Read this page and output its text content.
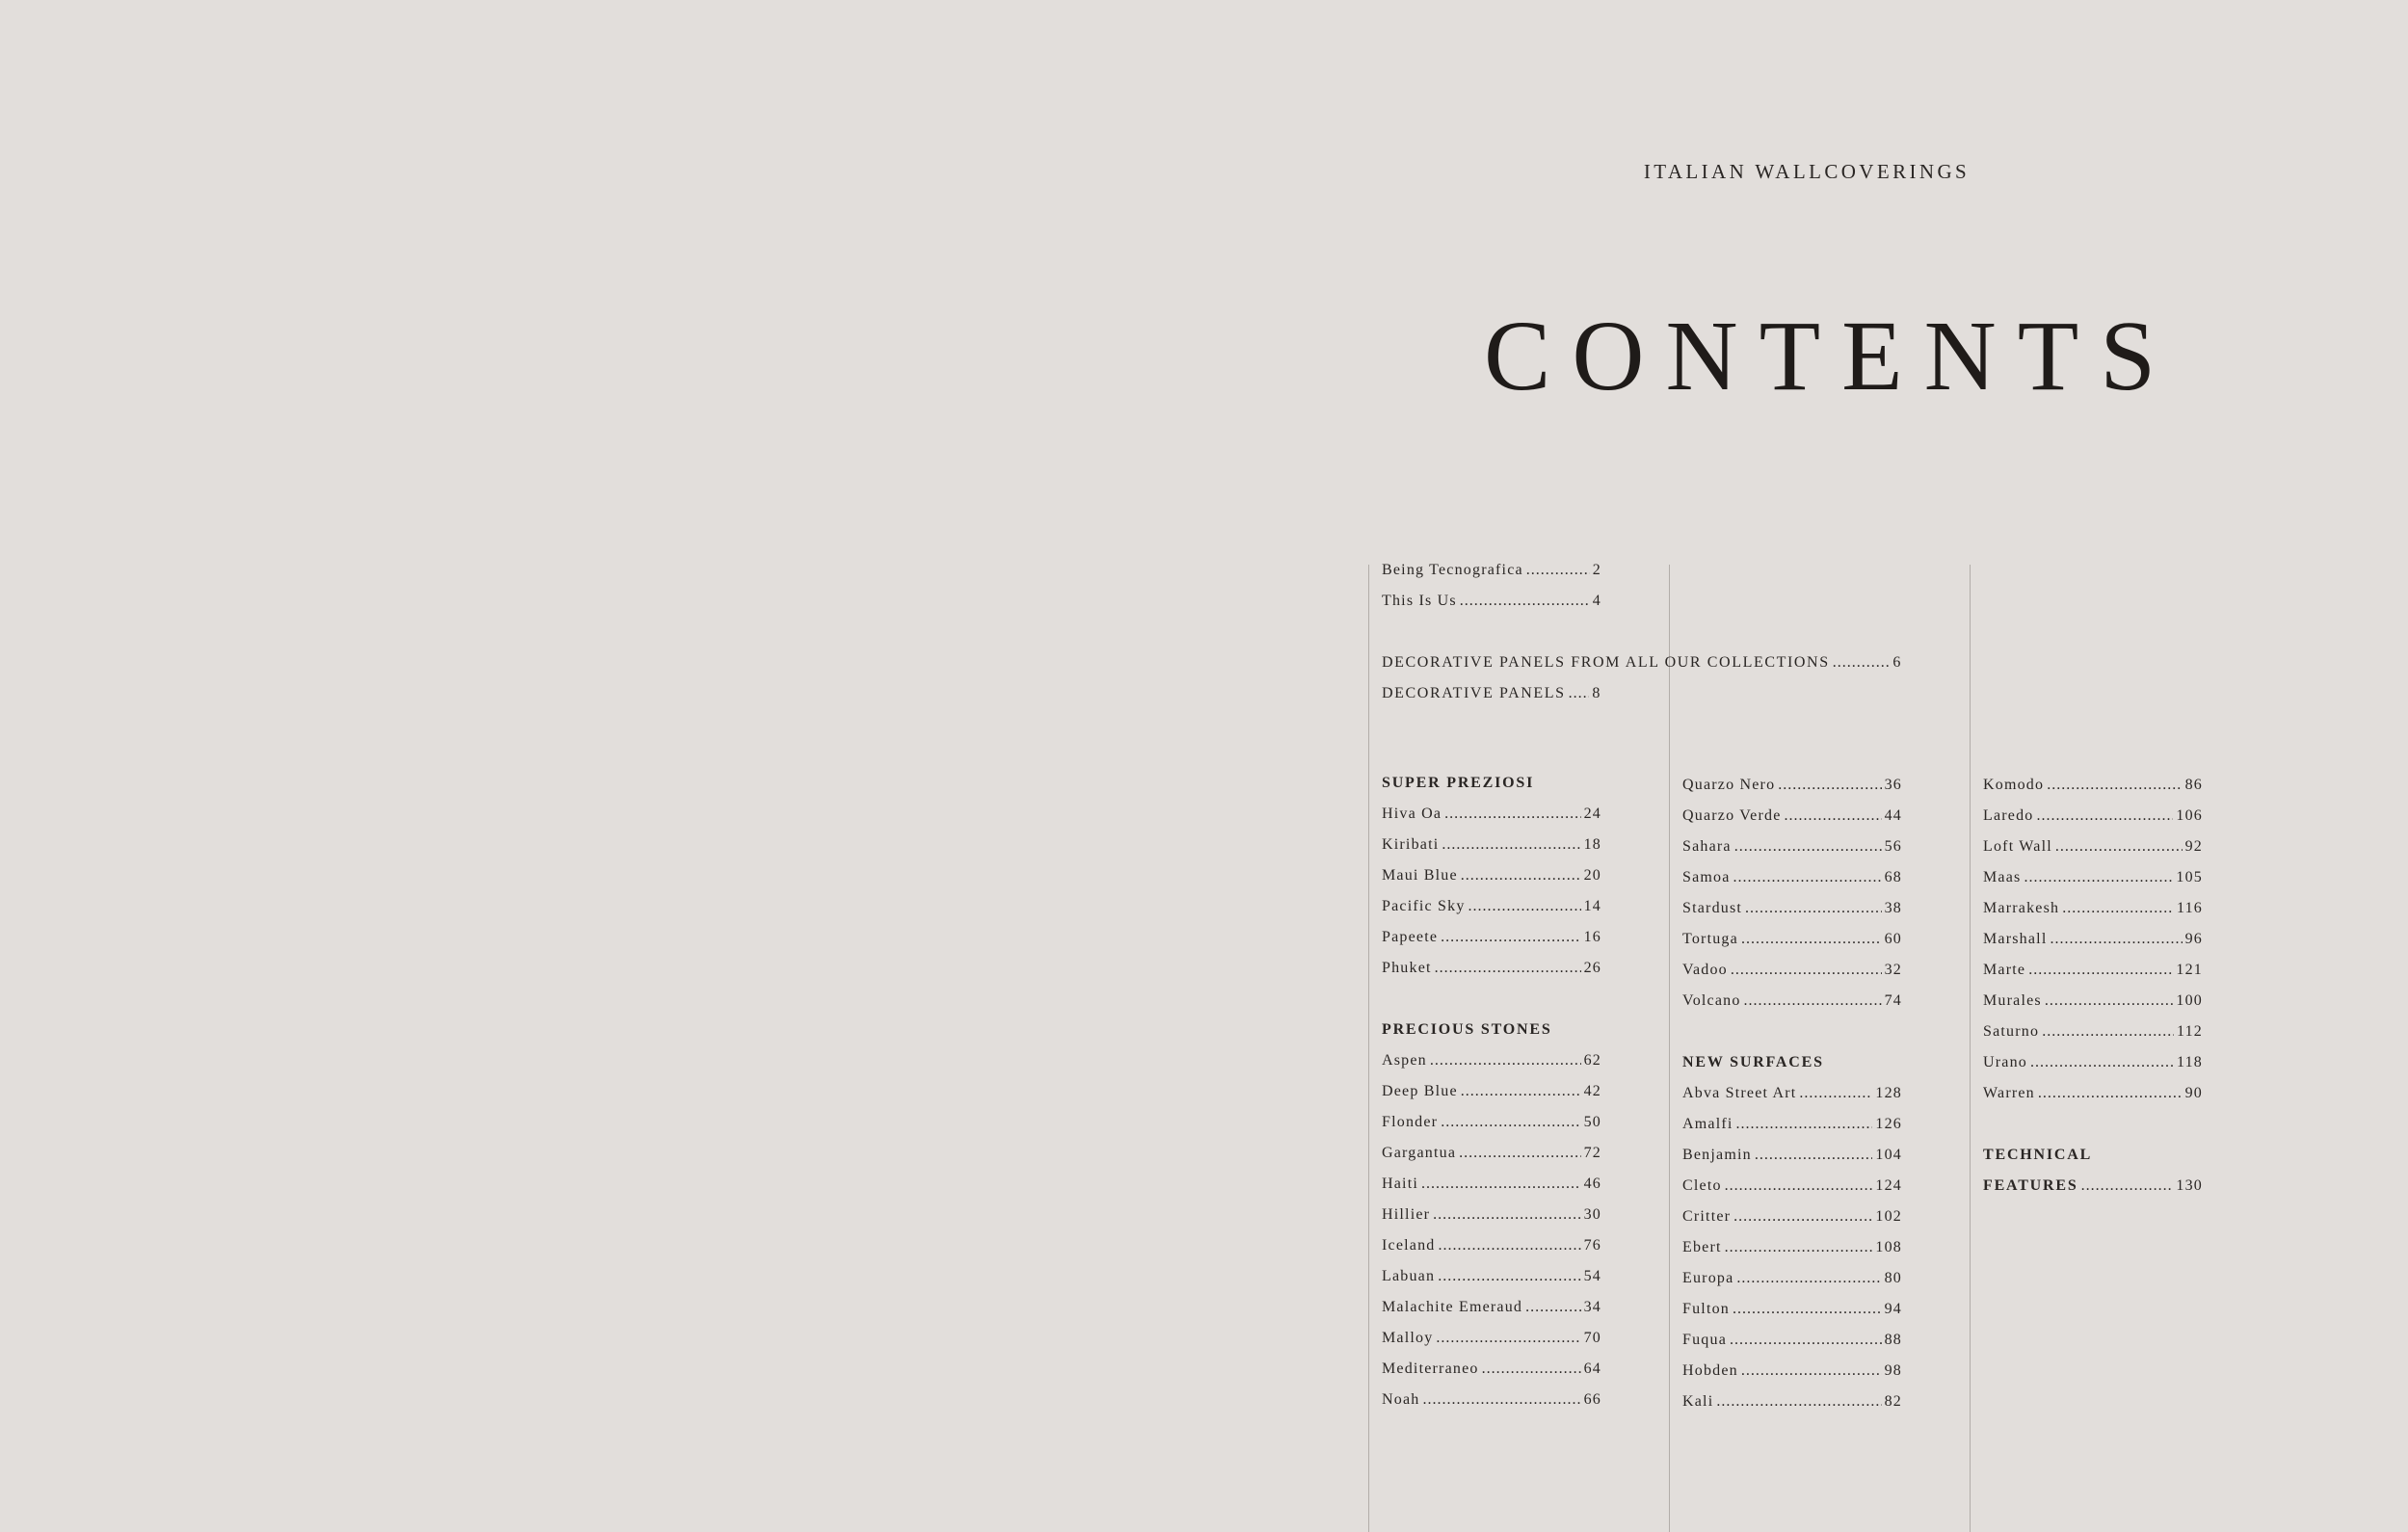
ITALIAN WALLCOVERINGS
CONTENTS
Being Tecnografica .....	2
This Is Us .....	4
DECORATIVE PANELS FROM ALL OUR COLLECTIONS .....	6
DECORATIVE PANELS ..... 8
SUPER PREZIOSI
Hiva Oa .....	24
Kiribati .....	18
Maui Blue .....	20
Pacific Sky .....	14
Papeete .....	16
Phuket .....	26
PRECIOUS STONES
Aspen .....	62
Deep Blue .....	42
Flonder .....	50
Gargantua .....	72
Haiti .....	46
Hillier .....	30
Iceland .....	76
Labuan .....	54
Malachite Emeraud .....	34
Malloy .....	70
Mediterraneo .....	64
Noah .....	66
Quarzo Nero .....	36
Quarzo Verde .....	44
Sahara .....	56
Samoa .....	68
Stardust .....	38
Tortuga .....	60
Vadoo .....	32
Volcano .....	74
NEW SURFACES
Abva Street Art .....	128
Amalfi .....	126
Benjamin .....	104
Cleto .....	124
Critter .....	102
Ebert .....	108
Europa .....	80
Fulton .....	94
Fuqua .....	88
Hobden .....	98
Kali .....	82
Komodo .....	86
Laredo .....	106
Loft Wall .....	92
Maas .....	105
Marrakesh .....	116
Marshall .....	96
Marte .....	121
Murales .....	100
Saturno .....	112
Urano .....	118
Warren .....	90
TECHNICAL
FEATURES .....	130
